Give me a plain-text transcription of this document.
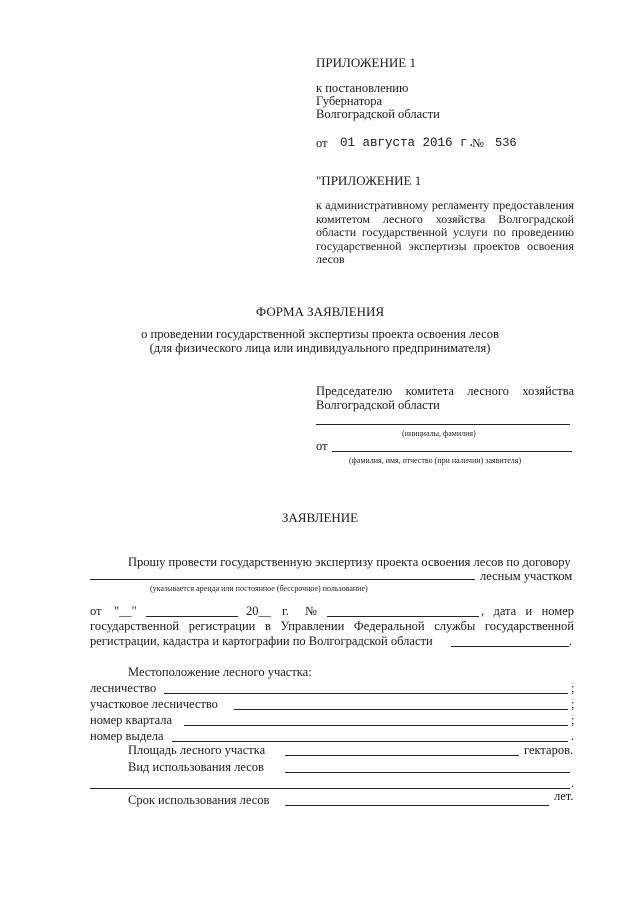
ПРИЛОЖЕНИЕ 1
к постановлению
Губернатора
Волгоградской области
от 01 августа 2016 г.
№ 536
"ПРИЛОЖЕНИЕ 1
к административному регламенту предоставления
комитетом лесного хозяйства Волгоградской
области государственной услуги по проведению
государственной экспертизы проектов освоения
лесов
ФОРМА ЗАЯВЛЕНИЯ
о проведении государственной экспертизы проекта освоения лесов
(для физического лица или индивидуального предпринимателя)
Председателю комитета лесного хозяйства
Волгоградской области
(инициалы, фамилия)
от
(фамилия, имя, отчество (при наличии) заявителя)
ЗАЯВЛЕНИЕ
Прошу провести государственную экспертизу проекта освоения лесов по договору
лесным участком
(указывается аренда или постоянное (бессрочное) пользование)
от "__"	20__ г. №	, дата и номер
государственной регистрации в Управлении Федеральной службы государственной
регистрации, кадастра и картографии по Волгоградской области	.
Местоположение лесного участка:
лесничество	;
участковое лесничество	;
номер квартала	;
номер выдела	.
Площадь лесного участка	гектаров.
Вид использования лесов
.
Срок использования лесов	лет.
